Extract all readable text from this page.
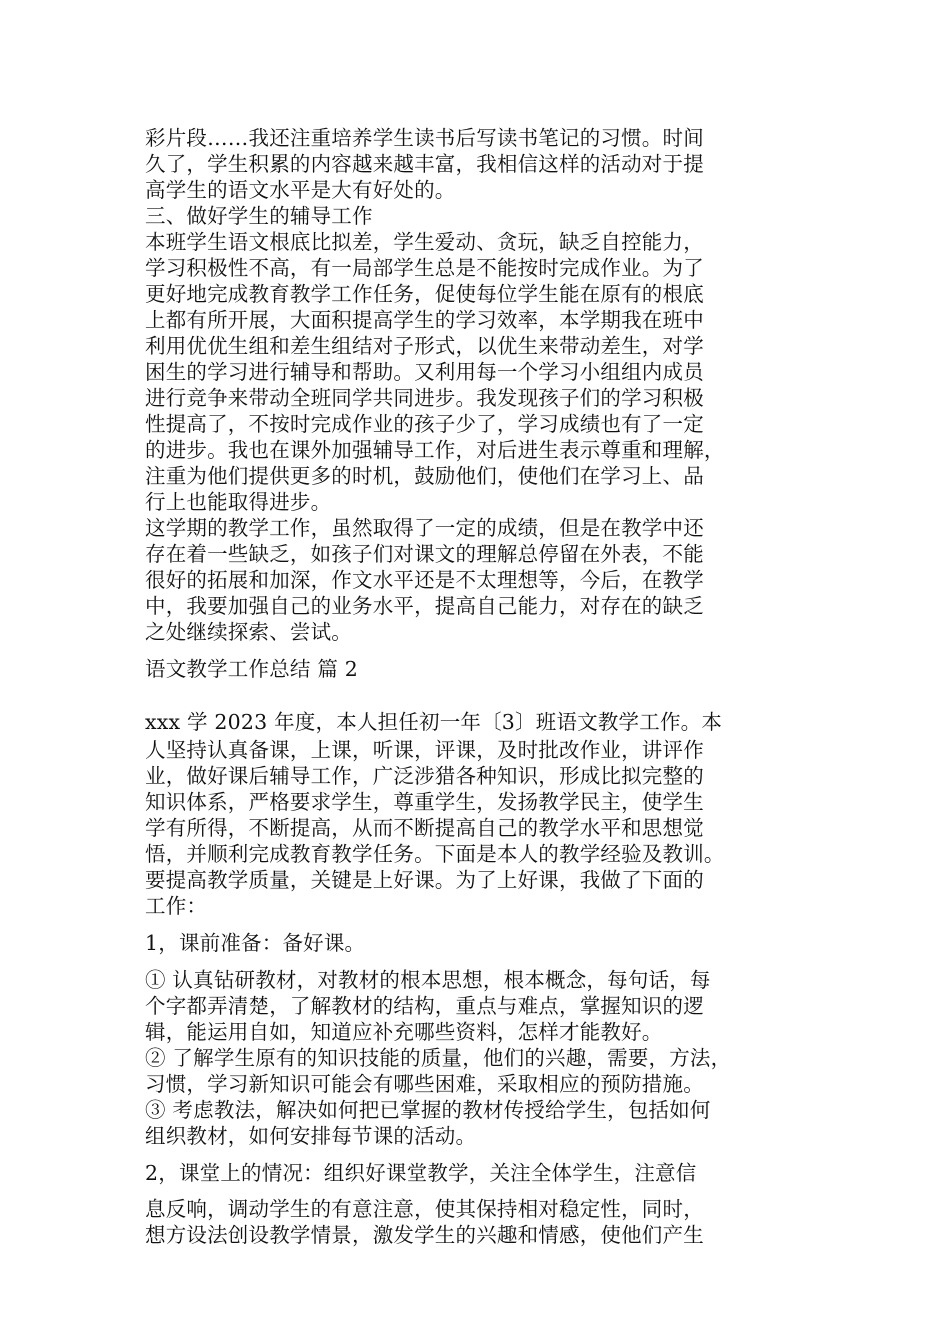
彩片段……我还注重培养学生读书后写读书笔记的习惯。时间
久了，学生积累的内容越来越丰富，我相信这样的活动对于提
高学生的语文水平是大有好处的。
三、做好学生的辅导工作
本班学生语文根底比拟差，学生爱动、贪玩，缺乏自控能力，
学习积极性不高，有一局部学生总是不能按时完成作业。为了
更好地完成教育教学工作任务，促使每位学生能在原有的根底
上都有所开展，大面积提高学生的学习效率，本学期我在班中
利用优优生组和差生组结对子形式，以优生来带动差生，对学
困生的学习进行辅导和帮助。又利用每一个学习小组组内成员
进行竞争来带动全班同学共同进步。我发现孩子们的学习积极
性提高了，不按时完成作业的孩子少了，学习成绩也有了一定
的进步。我也在课外加强辅导工作，对后进生表示尊重和理解，
注重为他们提供更多的时机，鼓励他们，使他们在学习上、品
行上也能取得进步。
这学期的教学工作，虽然取得了一定的成绩，但是在教学中还
存在着一些缺乏，如孩子们对课文的理解总停留在外表，不能
很好的拓展和加深，作文水平还是不太理想等，今后，在教学
中，我要加强自己的业务水平，提高自己能力，对存在的缺乏
之处继续探索、尝试。
语文教学工作总结 篇 2
xxx 学 2023 年度，本人担任初一年〔3〕班语文教学工作。本
人坚持认真备课，上课，听课，评课，及时批改作业，讲评作
业，做好课后辅导工作，广泛涉猎各种知识，形成比拟完整的
知识体系，严格要求学生，尊重学生，发扬教学民主，使学生
学有所得，不断提高，从而不断提高自己的教学水平和思想觉
悟，并顺利完成教育教学任务。下面是本人的教学经验及教训。
要提高教学质量，关键是上好课。为了上好课，我做了下面的
工作：
1，课前准备：备好课。
① 认真钻研教材，对教材的根本思想，根本概念，每句话，每
个字都弄清楚，了解教材的结构，重点与难点，掌握知识的逻
辑，能运用自如，知道应补充哪些资料，怎样才能教好。
② 了解学生原有的知识技能的质量，他们的兴趣，需要，方法，
习惯，学习新知识可能会有哪些困难，采取相应的预防措施。
③ 考虑教法，解决如何把已掌握的教材传授给学生，包括如何
组织教材，如何安排每节课的活动。
2，课堂上的情况：组织好课堂教学，关注全体学生，注意信
息反响，调动学生的有意注意，使其保持相对稳定性，同时，
想方设法创设教学情景，激发学生的兴趣和情感，使他们产生
